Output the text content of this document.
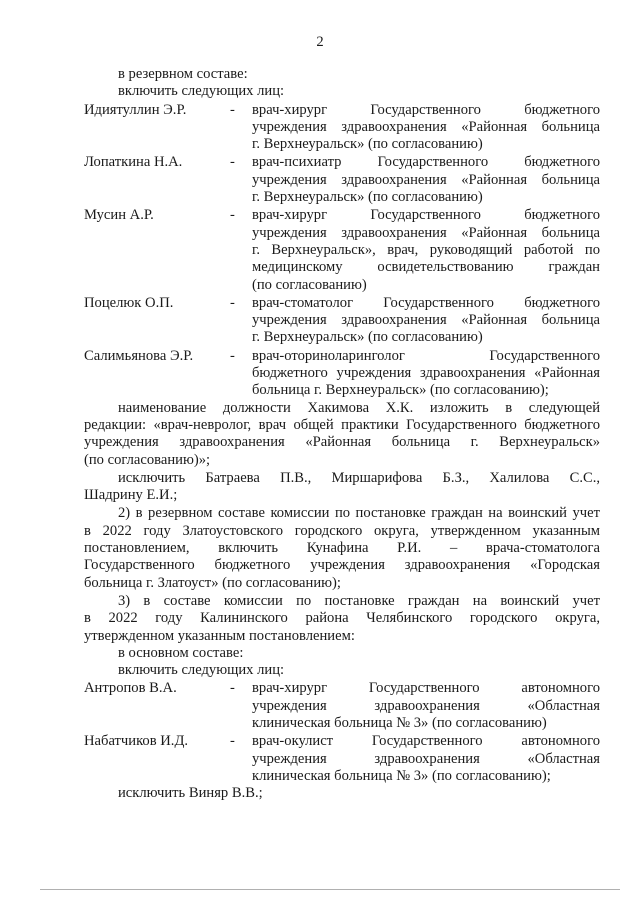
2

в резервном составе:

включить следующих лиц:

Идиятуллин Э.Р.	-	врач-хирург Государственного бюджетного

учреждения здравоохранения «Районная больница

г. Верхнеуральск» (по согласованию)

Лопаткина Н.А.	-	врач-психиатр Государственного бюджетного

учреждения здравоохранения «Районная больница

г. Верхнеуральск» (по согласованию)

Мусин А.Р.	-	врач-хирург Государственного бюджетного

учреждения здравоохранения «Районная больница

г. Верхнеуральск», врач, руководящий работой по

медицинскому освидетельствованию граждан

(по согласованию)

Поцелюк О.П.	-	врач-стоматолог Государственного бюджетного

учреждения здравоохранения «Районная больница

г. Верхнеуральск» (по согласованию)

Салимьянова Э.Р.	-	врач-оториноларинголог Государственного

бюджетного учреждения здравоохранения «Районная

больница г. Верхнеуральск» (по согласованию);

наименование должности Хакимова Х.К. изложить в следующей

редакции: «врач-невролог, врач общей практики Государственного бюджетного

учреждения здравоохранения «Районная больница г. Верхнеуральск»

(по согласованию)»;

исключить Батраева П.В., Миршарифова Б.З., Халилова С.С.,

Шадрину Е.И.;

2) в резервном составе комиссии по постановке граждан на воинский учет

в 2022 году Златоустовского городского округа, утвержденном указанным

постановлением, включить Кунафина Р.И. – врача-стоматолога

Государственного бюджетного учреждения здравоохранения «Городская

больница г. Златоуст» (по согласованию);

3) в составе комиссии по постановке граждан на воинский учет

в 2022 году Калининского района Челябинского городского округа,

утвержденном указанным постановлением:

в основном составе:

включить следующих лиц:

Антропов В.А.	-	врач-хирург Государственного автономного

учреждения здравоохранения «Областная

клиническая больница № 3» (по согласованию)

Набатчиков И.Д.	-	врач-окулист Государственного автономного

учреждения здравоохранения «Областная

клиническая больница № 3» (по согласованию);

исключить Виняр В.В.;
